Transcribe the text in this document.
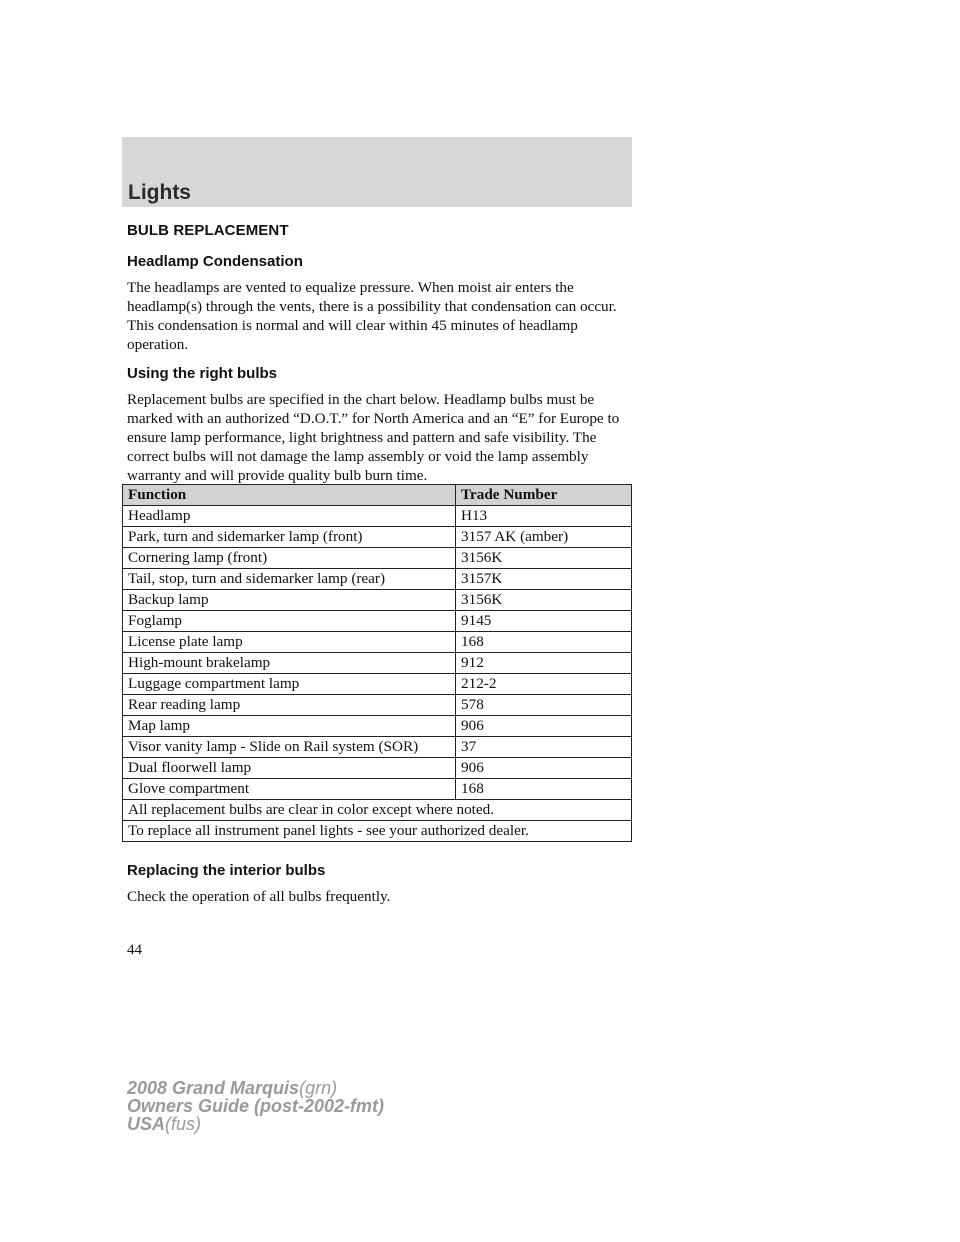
Lights
BULB REPLACEMENT
Headlamp Condensation

The headlamps are vented to equalize pressure. When moist air enters the headlamp(s) through the vents, there is a possibility that condensation can occur. This condensation is normal and will clear within 45 minutes of headlamp operation.

Using the right bulbs

Replacement bulbs are specified in the chart below. Headlamp bulbs must be marked with an authorized “D.O.T.” for North America and an “E” for Europe to ensure lamp performance, light brightness and pattern and safe visibility. The correct bulbs will not damage the lamp assembly or void the lamp assembly warranty and will provide quality bulb burn time.

Function	Trade Number
Headlamp	H13
Park, turn and sidemarker lamp (front)	3157 AK (amber)
Cornering lamp (front)	3156K
Tail, stop, turn and sidemarker lamp (rear)	3157K
Backup lamp	3156K
Foglamp	9145
License plate lamp	168
High-mount brakelamp	912
Luggage compartment lamp	212-2
Rear reading lamp	578
Map lamp	906
Visor vanity lamp - Slide on Rail system (SOR)	37
Dual floorwell lamp	906
Glove compartment	168
All replacement bulbs are clear in color except where noted.	
To replace all instrument panel lights - see your authorized dealer.	
Replacing the interior bulbs

Check the operation of all bulbs frequently.

44
2008 Grand Marquis(grn)
Owners Guide (post-2002-fmt)
USA(fus)
